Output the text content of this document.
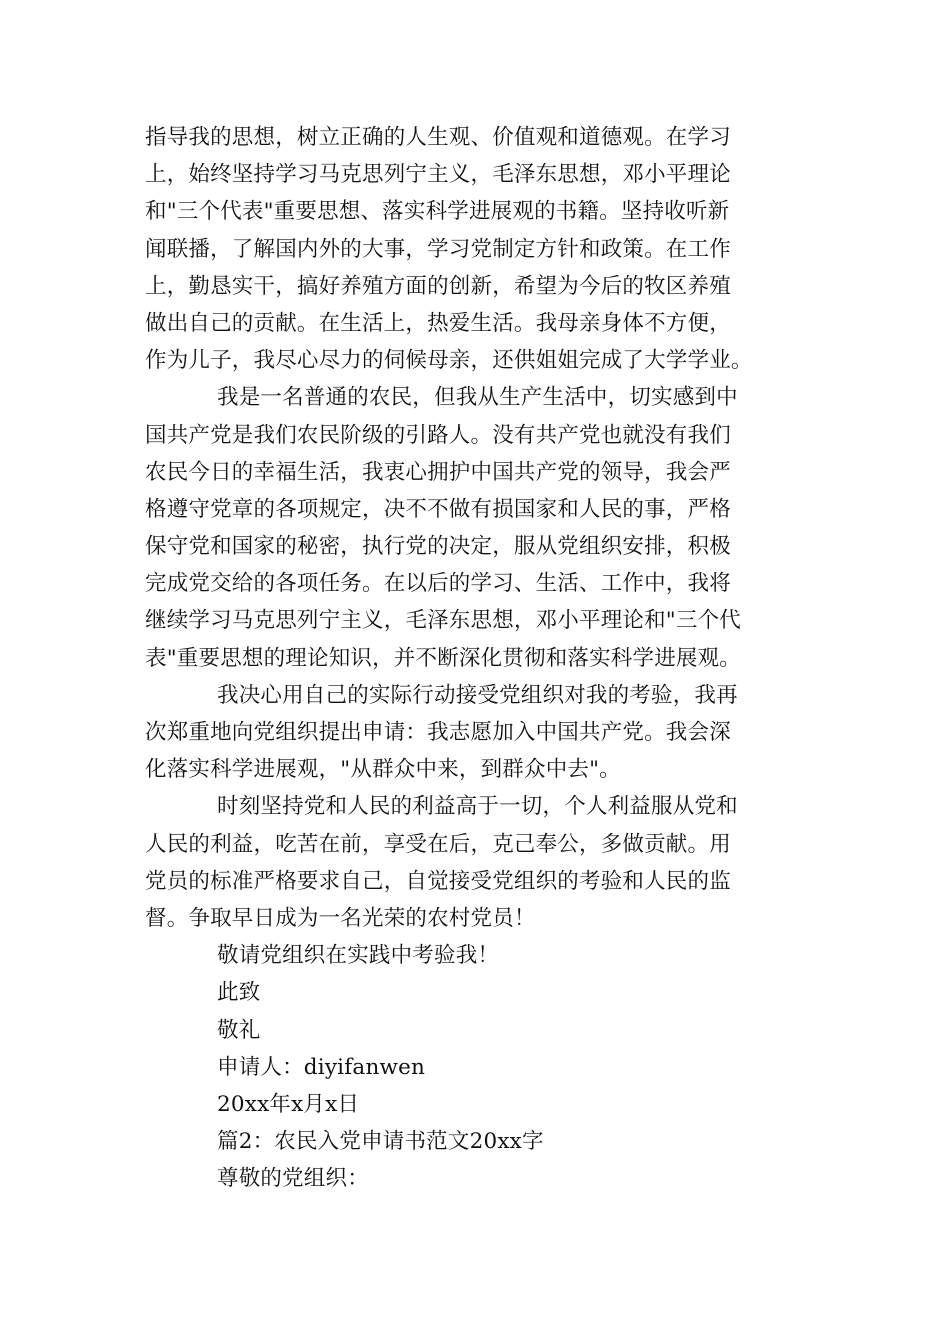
指导我的思想，树立正确的人生观、价值观和道德观。在学习
上，始终坚持学习马克思列宁主义，毛泽东思想，邓小平理论
和"三个代表"重要思想、落实科学进展观的书籍。坚持收听新
闻联播，了解国内外的大事，学习党制定方针和政策。在工作
上，勤恳实干，搞好养殖方面的创新，希望为今后的牧区养殖
做出自己的贡献。在生活上，热爱生活。我母亲身体不方便，
作为儿子，我尽心尽力的伺候母亲，还供姐姐完成了大学学业。
我是一名普通的农民，但我从生产生活中，切实感到中
国共产党是我们农民阶级的引路人。没有共产党也就没有我们
农民今日的幸福生活，我衷心拥护中国共产党的领导，我会严
格遵守党章的各项规定，决不不做有损国家和人民的事，严格
保守党和国家的秘密，执行党的决定，服从党组织安排，积极
完成党交给的各项任务。在以后的学习、生活、工作中，我将
继续学习马克思列宁主义，毛泽东思想，邓小平理论和"三个代
表"重要思想的理论知识，并不断深化贯彻和落实科学进展观。
我决心用自己的实际行动接受党组织对我的考验，我再
次郑重地向党组织提出申请：我志愿加入中国共产党。我会深
化落实科学进展观，"从群众中来，到群众中去"。
时刻坚持党和人民的利益高于一切，个人利益服从党和
人民的利益，吃苦在前，享受在后，克己奉公，多做贡献。用
党员的标准严格要求自己，自觉接受党组织的考验和人民的监
督。争取早日成为一名光荣的农村党员！
敬请党组织在实践中考验我！
此致
敬礼
申请人：diyifanwen
20xx年x月x日
篇2：农民入党申请书范文20xx字
尊敬的党组织：
